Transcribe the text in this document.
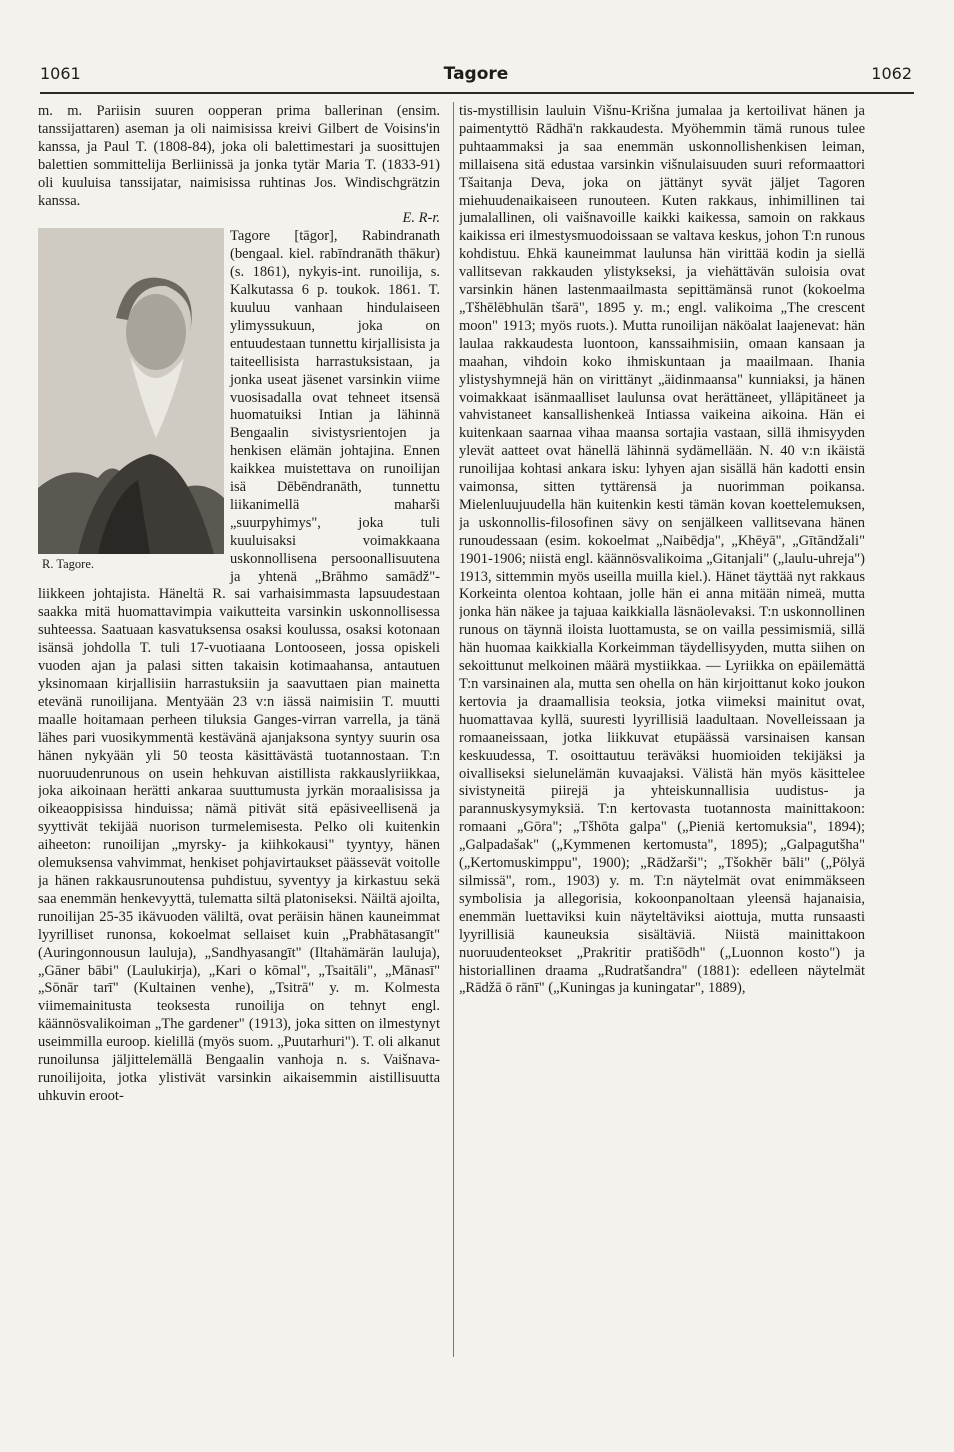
1061	Tagore	1062

m. m. Pariisin suuren oopperan prima ballerinan (ensim. tanssijattaren) aseman ja oli naimisissa kreivi Gilbert de Voisins'in kanssa, ja Paul T. (1808-84), joka oli balettimestari ja suosittujen balettien sommittelija Berliinissä ja jonka tytär Maria T. (1833-91) oli kuuluisa tanssijatar, naimisissa ruhtinas Jos. Windischgrätzin kanssa.

E. R-r.

R. Tagore.

Tagore [tāgor], Rabindranath (bengaal. kiel. rabīndranāth thākur) (s. 1861), nykyis-int. runoilija, s. Kalkutassa 6 p. toukok. 1861. T. kuuluu vanhaan hindulaiseen ylimyssukuun, joka on entuudestaan tunnettu kirjallisista ja taiteellisista harrastuksistaan, ja jonka useat jäsenet varsinkin viime vuosisadalla ovat tehneet itsensä huomatuiksi Intian ja lähinnä Bengaalin sivistysrientojen ja henkisen elämän johtajina. Ennen kaikkea muistettava on runoilijan isä Dēbēndranāth, tunnettu liikanimellä maharši „suurpyhimys", joka tuli kuuluisaksi voimakkaana uskonnollisena persoonallisuutena ja yhtenä „Brāhmo samādž"-liikkeen johtajista. Häneltä R. sai varhaisimmasta lapsuudestaan saakka mitä huomattavimpia vaikutteita varsinkin uskonnollisessa suhteessa. Saatuaan kasvatuksensa osaksi koulussa, osaksi kotonaan isänsä johdolla T. tuli 17-vuotiaana Lontooseen, jossa opiskeli vuoden ajan ja palasi sitten takaisin kotimaahansa, antautuen yksinomaan kirjallisiin harrastuksiin ja saavuttaen pian mainetta etevänä runoilijana. Mentyään 23 v:n iässä naimisiin T. muutti maalle hoitamaan perheen tiluksia Ganges-virran varrella, ja tänä lähes pari vuosikymmentä kestävänä ajanjaksona syntyy suurin osa hänen nykyään yli 50 teosta käsittävästä tuotannostaan. T:n nuoruudenrunous on usein hehkuvan aistillista rakkauslyriikkaa, joka aikoinaan herätti ankaraa suuttumusta jyrkän moraalisissa ja oikeaoppisissa hinduissa; nämä pitivät sitä epäsiveellisenä ja syyttivät tekijää nuorison turmelemisesta. Pelko oli kuitenkin aiheeton: runoilijan „myrsky- ja kiihkokausi" tyyntyy, hänen olemuksensa vahvimmat, henkiset pohjavirtaukset päässevät voitolle ja hänen rakkausrunoutensa puhdistuu, syventyy ja kirkastuu sekä saa enemmän henkevyyttä, tulematta siltä platoniseksi. Näiltä ajoilta, runoilijan 25-35 ikävuoden väliltä, ovat peräisin hänen kauneimmat lyyrilliset runonsa, kokoelmat sellaiset kuin „Prabhātasangīt" (Auringonnousun lauluja), „Sandhyasangīt" (Iltahämärän lauluja), „Gāner bābi" (Laulukirja), „Kari o kōmal", „Tsaitāli", „Mānasī" „Sōnār tarī" (Kultainen venhe), „Tsitrā" y. m. Kolmesta viimemainitusta teoksesta runoilija on tehnyt engl. käännösvalikoiman „The gardener" (1913), joka sitten on ilmestynyt useimmilla euroop. kielillä (myös suom. „Puutarhuri"). T. oli alkanut runoilunsa jäljittelemällä Bengaalin vanhoja n. s. Vaišnava-runoilijoita, jotka ylistivät varsinkin aikaisemmin aistillisuutta uhkuvin eroot-

tis-mystillisin lauluin Višnu-Krišna jumalaa ja kertoilivat hänen ja paimentyttö Rādhā'n rakkaudesta. Myöhemmin tämä runous tulee puhtaammaksi ja saa enemmän uskonnollishenkisen leiman, millaisena sitä edustaa varsinkin višnulaisuuden suuri reformaattori Tšaitanja Deva, joka on jättänyt syvät jäljet Tagoren miehuudenaikaiseen runouteen. Kuten rakkaus, inhimillinen tai jumalallinen, oli vaišnavoille kaikki kaikessa, samoin on rakkaus kaikissa eri ilmestysmuodoissaan se valtava keskus, johon T:n runous kohdistuu. Ehkä kauneimmat laulunsa hän virittää kodin ja siellä vallitsevan rakkauden ylistykseksi, ja viehättävän suloisia ovat varsinkin hänen lastenmaailmasta sepittämänsä runot (kokoelma „Tšhēlēbhulān tšarā", 1895 y. m.; engl. valikoima „The crescent moon" 1913; myös ruots.). Mutta runoilijan näköalat laajenevat: hän laulaa rakkaudesta luontoon, kanssaihmisiin, omaan kansaan ja maahan, vihdoin koko ihmiskuntaan ja maailmaan. Ihania ylistyshymnejä hän on virittänyt „äidinmaansa" kunniaksi, ja hänen voimakkaat isänmaalliset laulunsa ovat herättäneet, ylläpitäneet ja vahvistaneet kansallishenkeä Intiassa vaikeina aikoina. Hän ei kuitenkaan saarnaa vihaa maansa sortajia vastaan, sillä ihmisyyden ylevät aatteet ovat hänellä lähinnä sydämellään. N. 40 v:n ikäistä runoilijaa kohtasi ankara isku: lyhyen ajan sisällä hän kadotti ensin vaimonsa, sitten tyttärensä ja nuorimman poikansa. Mielenluujuudella hän kuitenkin kesti tämän kovan koettelemuksen, ja uskonnollis-filosofinen sävy on senjälkeen vallitsevana hänen runoudessaan (esim. kokoelmat „Naibēdja", „Khēyā", „Gītāndžali" 1901-1906; niistä engl. käännösvalikoima „Gitanjali" („laulu-uhreja") 1913, sittemmin myös useilla muilla kiel.). Hänet täyttää nyt rakkaus Korkeinta olentoa kohtaan, jolle hän ei anna mitään nimeä, mutta jonka hän näkee ja tajuaa kaikkialla läsnäolevaksi. T:n uskonnollinen runous on täynnä iloista luottamusta, se on vailla pessimismiä, sillä hän huomaa kaikkialla Korkeimman täydellisyyden, mutta siihen on sekoittunut melkoinen määrä mystiikkaa. — Lyriikka on epäilemättä T:n varsinainen ala, mutta sen ohella on hän kirjoittanut koko joukon kertovia ja draamallisia teoksia, jotka viimeksi mainitut ovat, huomattavaa kyllä, suuresti lyyrillisiä laadultaan. Novelleissaan ja romaaneissaan, jotka liikkuvat etupäässä varsinaisen kansan keskuudessa, T. osoittautuu teräväksi huomioiden tekijäksi ja oivalliseksi sielunelämän kuvaajaksi. Välistä hän myös käsittelee sivistyneitä piirejä ja yhteiskunnallisia uudistus- ja parannuskysymyksiä. T:n kertovasta tuotannosta mainittakoon: romaani „Gōra"; „Tšhōta galpa" („Pieniä kertomuksia", 1894); „Galpadašak" („Kymmenen kertomusta", 1895); „Galpagutšha" („Kertomuskimppu", 1900); „Rādžarši"; „Tšokhēr bāli" („Pölyä silmissä", rom., 1903) y. m. T:n näytelmät ovat enimmäkseen symbolisia ja allegorisia, kokoonpanoltaan yleensä hajanaisia, enemmän luettaviksi kuin näyteltäviksi aiottuja, mutta runsaasti lyyrillisiä kauneuksia sisältäviä. Niistä mainittakoon nuoruudenteokset „Prakritir pratišōdh" („Luonnon kosto") ja historiallinen draama „Rudratšandra" (1881): edelleen näytelmät „Rādžā ō rānī" („Kuningas ja kuningatar", 1889),
